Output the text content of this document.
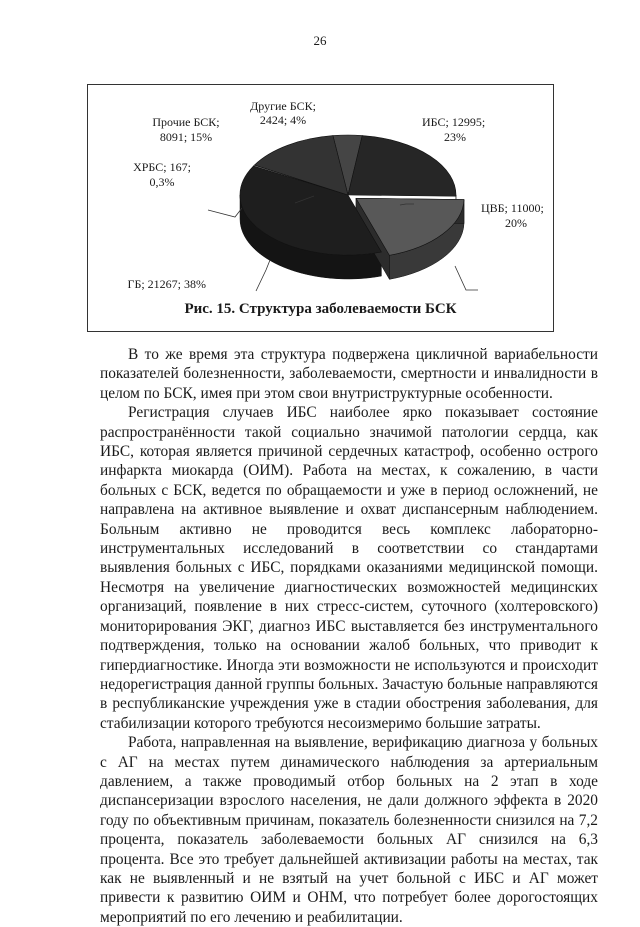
26
Другие БСК;
2424; 4%	ИБС; 12995;
23%
ЦВБ; 11000;
20%
ГБ; 21267; 38%
ХРБС; 167;
0,3%
Прочие БСК;
8091; 15%
Рис. 15. Структура заболеваемости БСК

В то же время эта структура подвержена цикличной вариабельности показателей болезненности, заболеваемости, смертности и инвалидности в целом по БСК, имея при этом свои внутриструктурные особенности.

Регистрация случаев ИБС наиболее ярко показывает состояние распространённости такой социально значимой патологии сердца, как ИБС, которая является причиной сердечных катастроф, особенно острого инфаркта миокарда (ОИМ). Работа на местах, к сожалению, в части больных с БСК, ведется по обращаемости и уже в период осложнений, не направлена на активное выявление и охват диспансерным наблюдением. Больным активно не проводится весь комплекс лабораторно-инструментальных исследований в соответствии со стандартами выявления больных с ИБС, порядками оказаниями медицинской помощи. Несмотря на увеличение диагностических возможностей медицинских организаций, появление в них стресс-систем, суточного (холтеровского) мониторирования ЭКГ, диагноз ИБС выставляется без инструментального подтверждения, только на основании жалоб больных, что приводит к гипердиагностике. Иногда эти возможности не используются и происходит недорегистрация данной группы больных. Зачастую больные направляются в республиканские учреждения уже в стадии обострения заболевания, для стабилизации которого требуются несоизмеримо большие затраты.

Работа, направленная на выявление, верификацию диагноза у больных с АГ на местах путем динамического наблюдения за артериальным давлением, а также проводимый отбор больных на 2 этап в ходе диспансеризации взрослого населения, не дали должного эффекта в 2020 году по объективным причинам, показатель болезненности снизился на 7,2 процента, показатель заболеваемости больных АГ снизился на 6,3 процента. Все это требует дальнейшей активизации работы на местах, так как не выявленный и не взятый на учет больной с ИБС и АГ может привести к развитию ОИМ и ОНМ, что потребует более дорогостоящих мероприятий по его лечению и реабилитации.
